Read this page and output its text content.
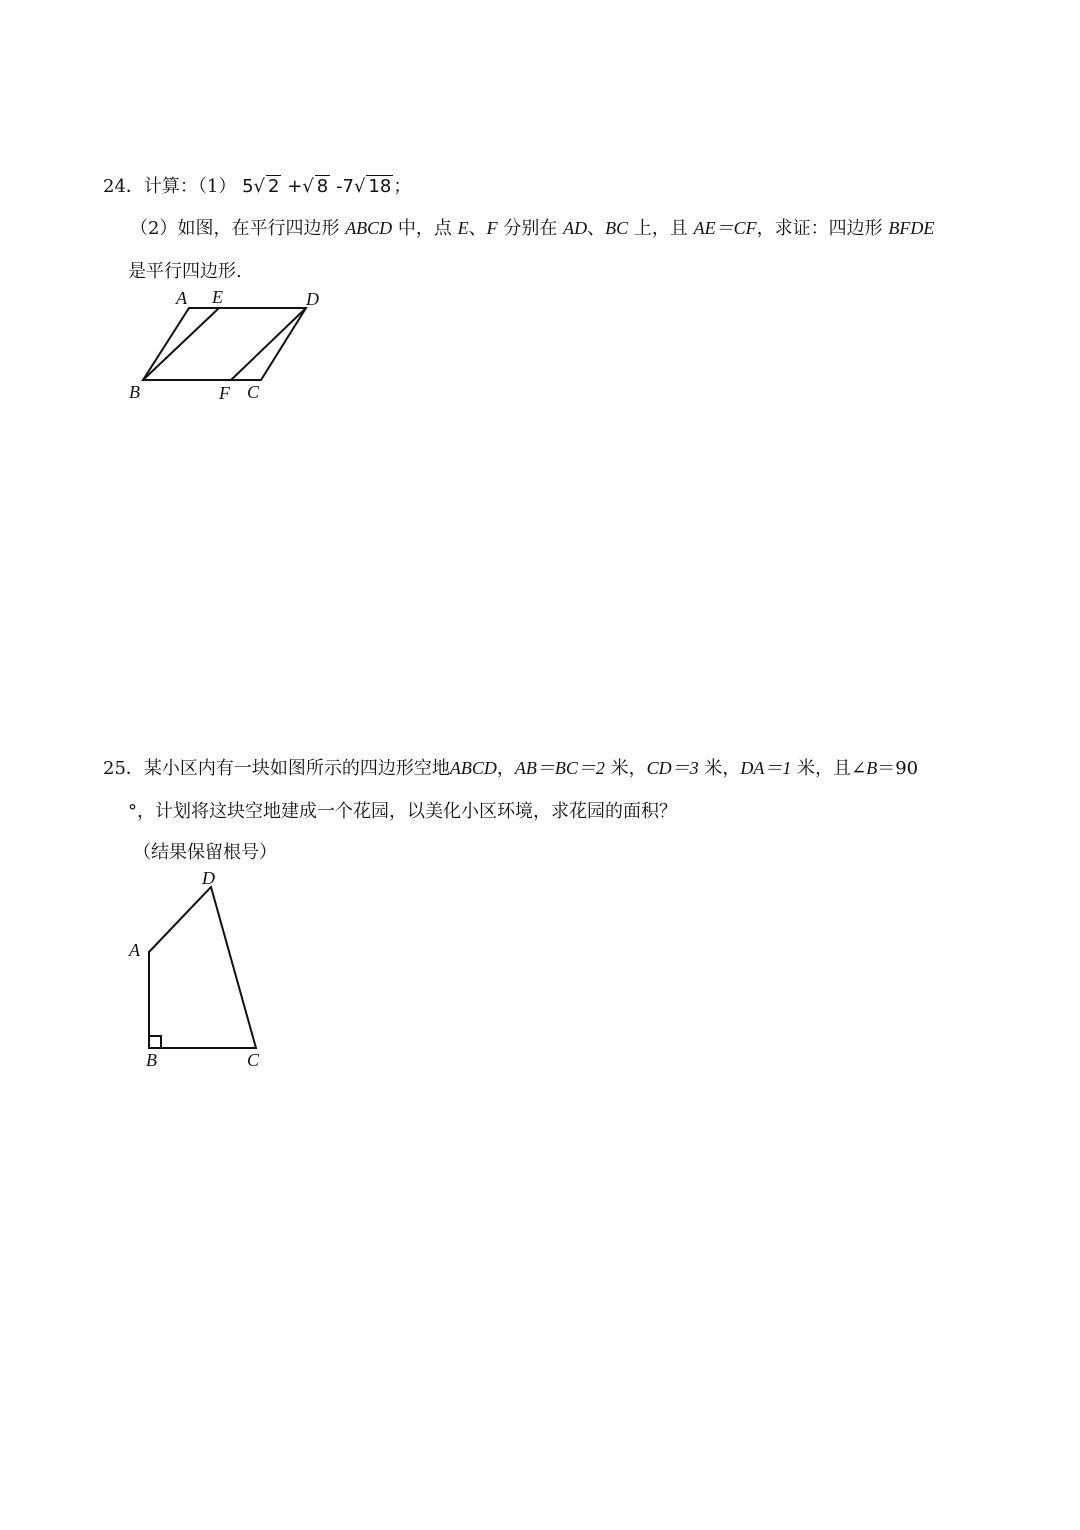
24．计算：（1） 5√ 2 +√ 8 -7√ 18 ；
（2）如图，在平行四边形 ABCD 中，点 E、F 分别在 AD、BC 上，且 AE＝CF，求证：四边形 BFDE
是平行四边形.
A E	D
B	F C
25．某小区内有一块如图所示的四边形空地ABCD，AB＝BC＝2 米，CD＝3 米，DA＝1 米，且∠B＝90
°，计划将这块空地建成一个花园，以美化小区环境，求花园的面积？
（结果保留根号）
D
A
B	C
